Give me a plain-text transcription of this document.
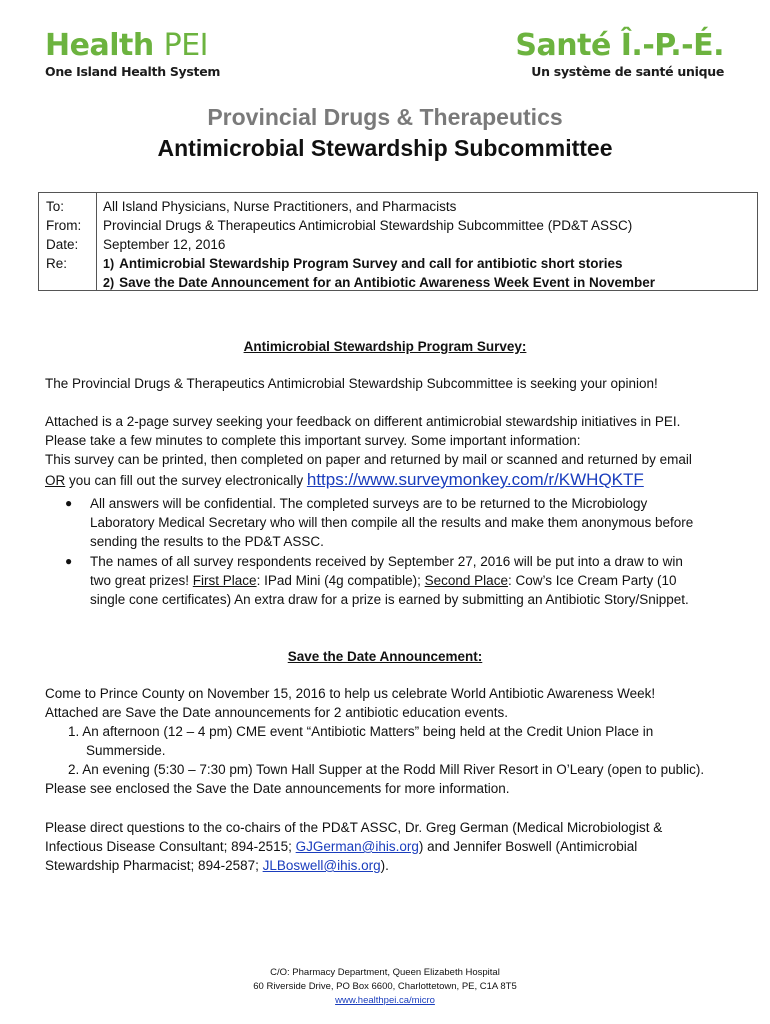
Health PEI
One Island Health System
Santé Î.-P.-É.
Un système de santé unique
Provincial Drugs & Therapeutics
Antimicrobial Stewardship Subcommittee
To:
From:
Date:
Re:
All Island Physicians, Nurse Practitioners, and Pharmacists
Provincial Drugs & Therapeutics Antimicrobial Stewardship Subcommittee (PD&T ASSC)
September 12, 2016
1) Antimicrobial Stewardship Program Survey and call for antibiotic short stories
2) Save the Date Announcement for an Antibiotic Awareness Week Event in November
Antimicrobial Stewardship Program Survey:
The Provincial Drugs & Therapeutics Antimicrobial Stewardship Subcommittee is seeking your opinion!
Attached is a 2-page survey seeking your feedback on different antimicrobial stewardship initiatives in PEI.
Please take a few minutes to complete this important survey. Some important information:
This survey can be printed, then completed on paper and returned by mail or scanned and returned by email
OR you can fill out the survey electronically https://www.surveymonkey.com/r/KWHQKTF
● All answers will be confidential. The completed surveys are to be returned to the Microbiology
Laboratory Medical Secretary who will then compile all the results and make them anonymous before
sending the results to the PD&T ASSC.
● The names of all survey respondents received by September 27, 2016 will be put into a draw to win
two great prizes! First Place: IPad Mini (4g compatible); Second Place: Cow’s Ice Cream Party (10
single cone certificates) An extra draw for a prize is earned by submitting an Antibiotic Story/Snippet.
Save the Date Announcement:
Come to Prince County on November 15, 2016 to help us celebrate World Antibiotic Awareness Week!
Attached are Save the Date announcements for 2 antibiotic education events.
1. An afternoon (12 – 4 pm) CME event “Antibiotic Matters” being held at the Credit Union Place in
Summerside.
2. An evening (5:30 – 7:30 pm) Town Hall Supper at the Rodd Mill River Resort in O’Leary (open to public).
Please see enclosed the Save the Date announcements for more information.
Please direct questions to the co-chairs of the PD&T ASSC, Dr. Greg German (Medical Microbiologist &
Infectious Disease Consultant; 894-2515; GJGerman@ihis.org) and Jennifer Boswell (Antimicrobial
Stewardship Pharmacist; 894-2587; JLBoswell@ihis.org).
C/O: Pharmacy Department, Queen Elizabeth Hospital
60 Riverside Drive, PO Box 6600, Charlottetown, PE, C1A 8T5
www.healthpei.ca/micro
